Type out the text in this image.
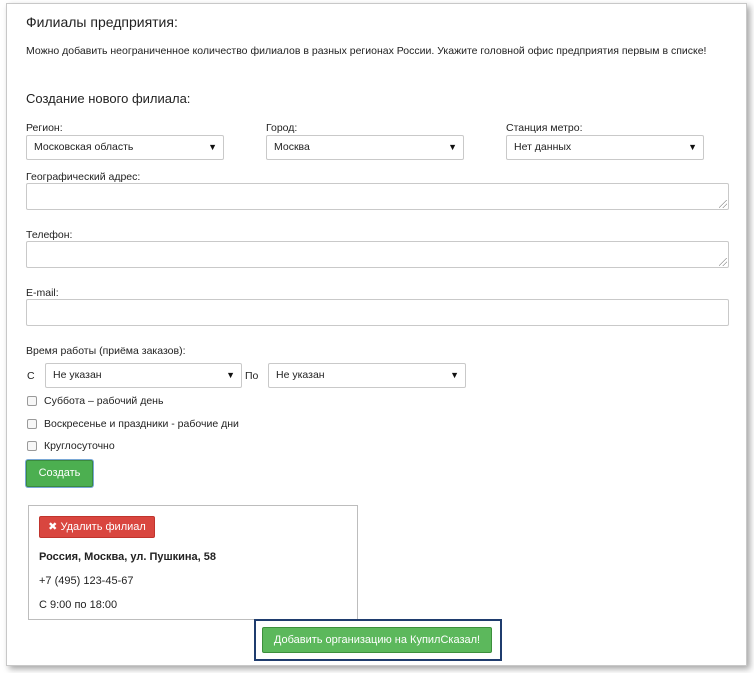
Филиалы предприятия:
Можно добавить неограниченное количество филиалов в разных регионах России. Укажите головной офис предприятия первым в списке!
Создание нового филиала:
Регион:
Московская область	▼
Город:
Москва	▼
Станция метро:
Нет данных	▼
Географический адрес:
Телефон:
E-mail:
Время работы (приёма заказов):
С	Не указан	▼ По	Не указан	▼
Суббота – рабочий день
Воскресенье и праздники - рабочие дни
Круглосуточно
Создать
✖ Удалить филиал
Россия, Москва, ул. Пушкина, 58
+7 (495) 123-45-67
С 9:00 по 18:00
Добавить организацию на КупилСказал!
